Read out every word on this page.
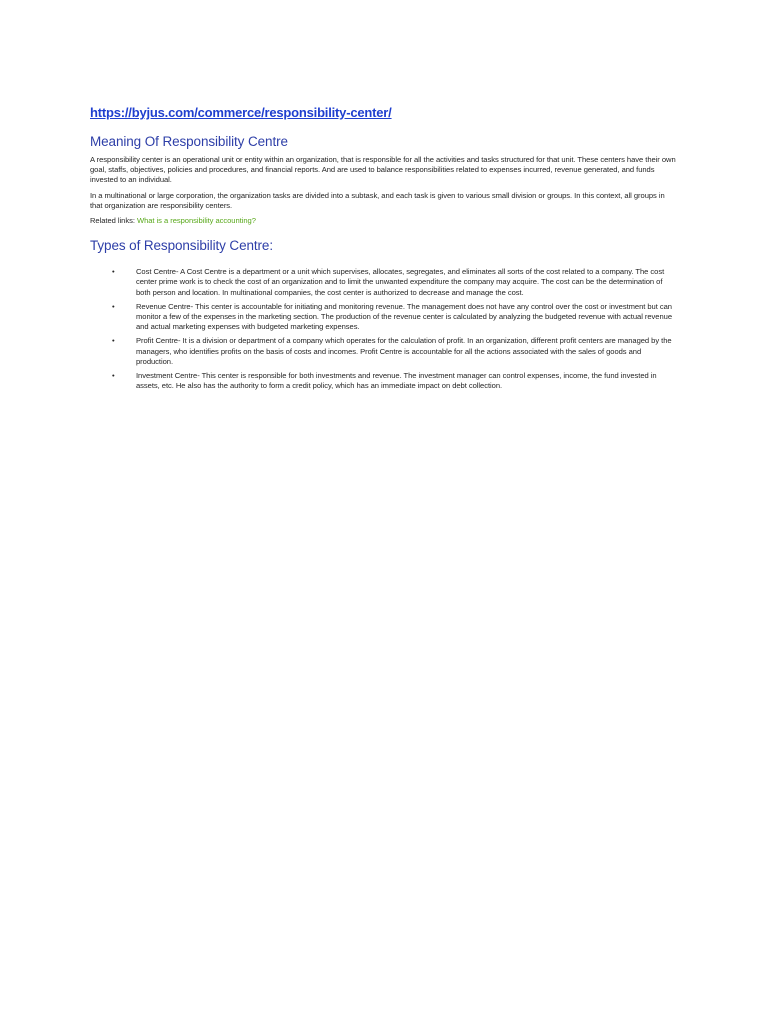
https://byjus.com/commerce/responsibility-center/
Meaning Of Responsibility Centre

A responsibility center is an operational unit or entity within an organization, that is responsible for all the activities and tasks structured for that unit. These centers have their own goal, staffs, objectives, policies and procedures, and financial reports. And are used to balance responsibilities related to expenses incurred, revenue generated, and funds invested to an individual.

In a multinational or large corporation, the organization tasks are divided into a subtask, and each task is given to various small division or groups. In this context, all groups in that organization are responsibility centers.

Related links: What is a responsibility accounting?

Types of Responsibility Centre:
•	Cost Centre- A Cost Centre is a department or a unit which supervises, allocates, segregates, and eliminates all sorts of the cost related to a company. The cost center prime work is to check the cost of an organization and to limit the unwanted expenditure the company may acquire. The cost can be the determination of both person and location. In multinational companies, the cost center is authorized to decrease and manage the cost.
•	Revenue Centre- This center is accountable for initiating and monitoring revenue. The management does not have any control over the cost or investment but can monitor a few of the expenses in the marketing section. The production of the revenue center is calculated by analyzing the budgeted revenue with actual revenue and actual marketing expenses with budgeted marketing expenses.
•	Profit Centre- It is a division or department of a company which operates for the calculation of profit. In an organization, different profit centers are managed by the managers, who identifies profits on the basis of costs and incomes. Profit Centre is accountable for all the actions associated with the sales of goods and production.
•	Investment Centre- This center is responsible for both investments and revenue. The investment manager can control expenses, income, the fund invested in assets, etc. He also has the authority to form a credit policy, which has an immediate impact on debt collection.
